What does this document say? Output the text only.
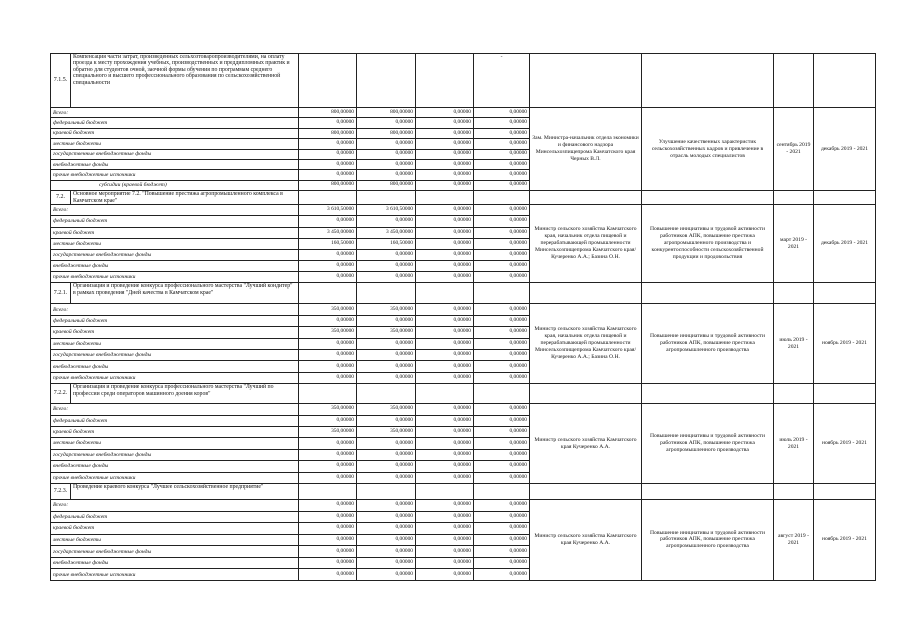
7.1.5.	Компенсация части затрат, произведенных сельхозтоваропроизводителями, на оплату проезда к месту прохождения учебных, производственных и преддипломных практик и обратно для студентов очной, заочной формы обучения по программам среднего специального и высшего профессионального образования по сельскохозяйственной специальности				-				
Всего:		800,00000	800,00000	0,00000	0,00000	Зам. Министра-начальник отдела экономики и финансового надзора Минсельхозпищепрома Камчатского края Черных В.Л.	Улучшение качественных характеристик сельскохозяйственных кадров и привлечение в отрасль молодых специалистов	сентябрь 2019 - 2021	декабрь 2019 - 2021
федеральный бюджет		0,00000	0,00000	0,00000	0,00000				
краевой бюджет		800,00000	800,00000	0,00000	0,00000				
местные бюджеты		0,00000	0,00000	0,00000	0,00000				
государственные внебюджетные фонды		0,00000	0,00000	0,00000	0,00000				
внебюджетные фонды		0,00000	0,00000	0,00000	0,00000				
прочие внебюджетные источники		0,00000	0,00000	0,00000	0,00000				
субсидии (краевой бюджет)		800,00000	800,00000	0,00000	0,00000				
7.2.	Основное мероприятие 7.2. "Повышение престижа агропромышленного комплекса в Камчатском крае"								
Всего:		3 610,50000	3 610,50000	0,00000	0,00000	Министр сельского хозяйства Камчатского края, начальник отдела пищевой и перерабатывающей промышленности Минсельхозпищепрома Камчатского края/Кучеренко А.А.; Базина О.Н.	Повышение инициативы и трудовой активности работников АПК, повышение престижа агропромышленного производства и конкурентоспособности сельскохозяйственной продукции и продовольствия	март 2019 - 2021	декабрь 2019 - 2021
федеральный бюджет		0,00000	0,00000	0,00000	0,00000				
краевой бюджет		3 450,00000	3 450,00000	0,00000	0,00000				
местные бюджеты		160,50000	160,50000	0,00000	0,00000				
государственные внебюджетные фонды		0,00000	0,00000	0,00000	0,00000				
внебюджетные фонды		0,00000	0,00000	0,00000	0,00000				
прочие внебюджетные источники		0,00000	0,00000	0,00000	0,00000				
7.2.1.	Организация и проведение конкурса профессионального мастерства "Лучший кондитер" в рамках проведения "Дней качества в Камчатском крае"								
Всего:		350,00000	350,00000	0,00000	0,00000	Министр сельского хозяйства Камчатского края, начальник отдела пищевой и перерабатывающей промышленности Минсельхозпищепрома Камчатского края/Кучеренко А.А.; Базина О.Н.	Повышение инициативы и трудовой активности работников АПК, повышение престижа агропромышленного производства	июль 2019 - 2021	ноябрь 2019 - 2021
федеральный бюджет		0,00000	0,00000	0,00000	0,00000				
краевой бюджет		350,00000	350,00000	0,00000	0,00000				
местные бюджеты		0,00000	0,00000	0,00000	0,00000				
государственные внебюджетные фонды		0,00000	0,00000	0,00000	0,00000				
внебюджетные фонды		0,00000	0,00000	0,00000	0,00000				
прочие внебюджетные источники		0,00000	0,00000	0,00000	0,00000				
7.2.2.	Организация и проведение конкурса профессионального мастерства "Лучший по профессии среди операторов машинного доения коров"								
Всего:		350,00000	350,00000	0,00000	0,00000	Министр сельского хозяйства Камчатского края Кучеренко А.А.	Повышение инициативы и трудовой активности работников АПК, повышение престижа агропромышленного производства	июль 2019 - 2021	ноябрь 2019 - 2021
федеральный бюджет		0,00000	0,00000	0,00000	0,00000				
краевой бюджет		350,00000	350,00000	0,00000	0,00000				
местные бюджеты		0,00000	0,00000	0,00000	0,00000				
государственные внебюджетные фонды		0,00000	0,00000	0,00000	0,00000				
внебюджетные фонды		0,00000	0,00000	0,00000	0,00000				
прочие внебюджетные источники		0,00000	0,00000	0,00000	0,00000				
7.2.3.	Проведение краевого конкурса "Лучшее сельскохозяйственное предприятие"								
Всего:		0,00000	0,00000	0,00000	0,00000	Министр сельского хозяйства Камчатского края Кучеренко А.А.	Повышение инициативы и трудовой активности работников АПК, повышение престижа агропромышленного производства	август 2019 - 2021	ноябрь 2019 - 2021
федеральный бюджет		0,00000	0,00000	0,00000	0,00000				
краевой бюджет		0,00000	0,00000	0,00000	0,00000				
местные бюджеты		0,00000	0,00000	0,00000	0,00000				
государственные внебюджетные фонды		0,00000	0,00000	0,00000	0,00000				
внебюджетные фонды		0,00000	0,00000	0,00000	0,00000				
прочие внебюджетные источники		0,00000	0,00000	0,00000	0,00000				
